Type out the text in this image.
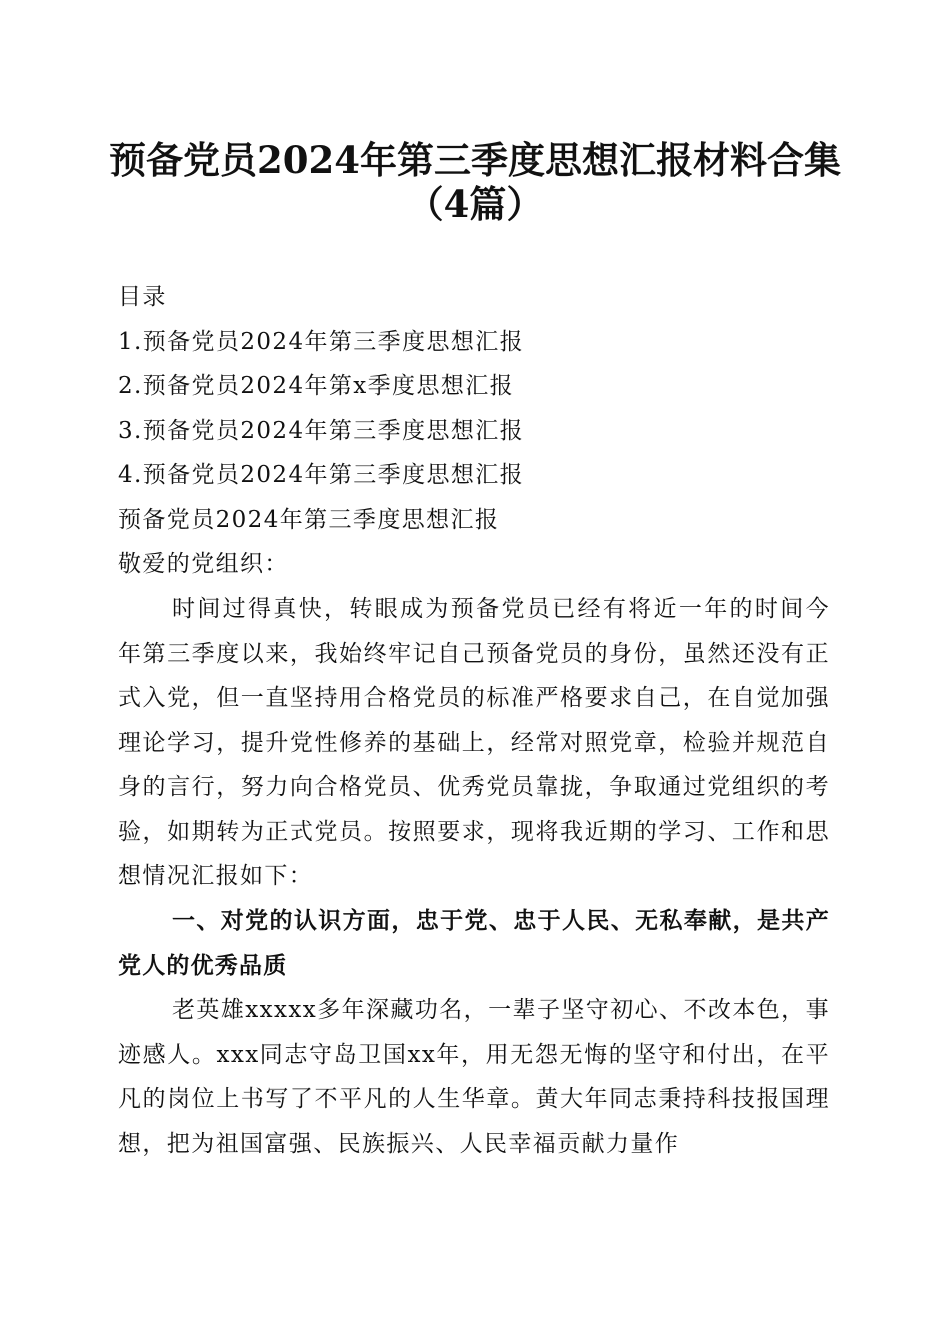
预备党员2024年第三季度思想汇报材料合集
（4篇）

目录

1.预备党员2024年第三季度思想汇报

2.预备党员2024年第x季度思想汇报

3.预备党员2024年第三季度思想汇报

4.预备党员2024年第三季度思想汇报

预备党员2024年第三季度思想汇报

敬爱的党组织：

时间过得真快，转眼成为预备党员已经有将近一年的时间今年第三季度以来，我始终牢记自己预备党员的身份，虽然还没有正式入党，但一直坚持用合格党员的标准严格要求自己，在自觉加强理论学习，提升党性修养的基础上，经常对照党章，检验并规范自身的言行，努力向合格党员、优秀党员靠拢，争取通过党组织的考验，如期转为正式党员。按照要求，现将我近期的学习、工作和思想情况汇报如下：

一、对党的认识方面，忠于党、忠于人民、无私奉献，是共产党人的优秀品质

老英雄xxxxx多年深藏功名，一辈子坚守初心、不改本色，事迹感人。xxx同志守岛卫国xx年，用无怨无悔的坚守和付出，在平凡的岗位上书写了不平凡的人生华章。黄大年同志秉持科技报国理想，把为祖国富强、民族振兴、人民幸福贡献力量作
